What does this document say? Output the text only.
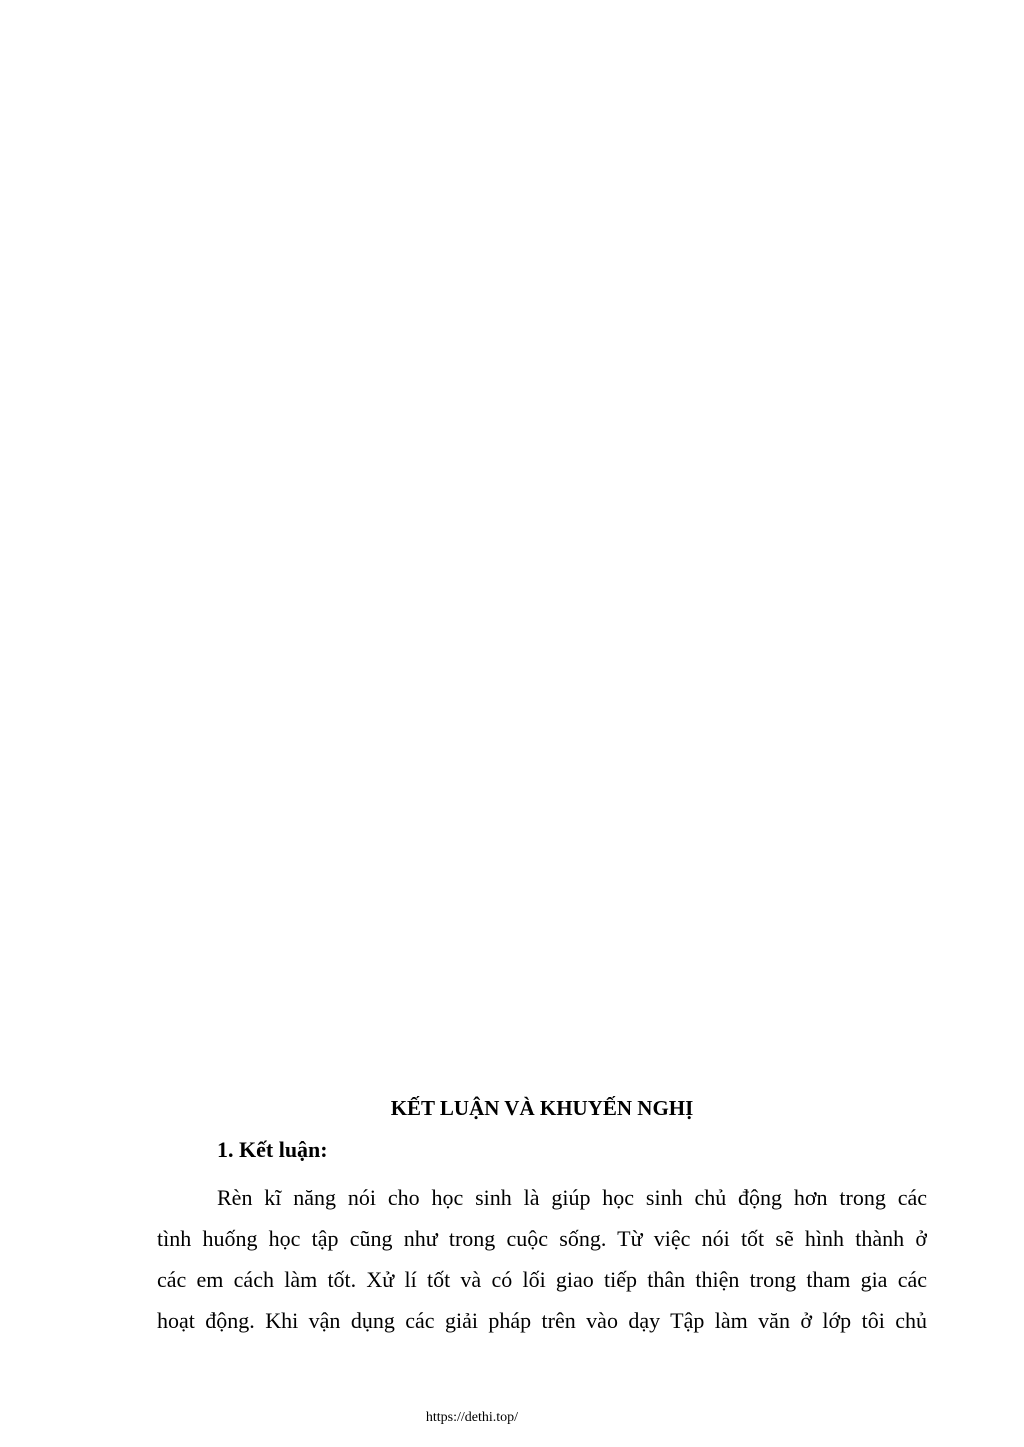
KẾT LUẬN VÀ KHUYẾN NGHỊ
1. Kết luận:
Rèn kĩ năng nói cho học sinh là giúp học sinh chủ động hơn trong các
tình huống học tập cũng như trong cuộc sống. Từ việc nói tốt sẽ hình thành ở
các em cách làm tốt. Xử lí tốt và có lối giao tiếp thân thiện trong tham gia các
hoạt động. Khi vận dụng các giải pháp trên vào dạy Tập làm văn ở lớp tôi chủ
https://dethi.top/
